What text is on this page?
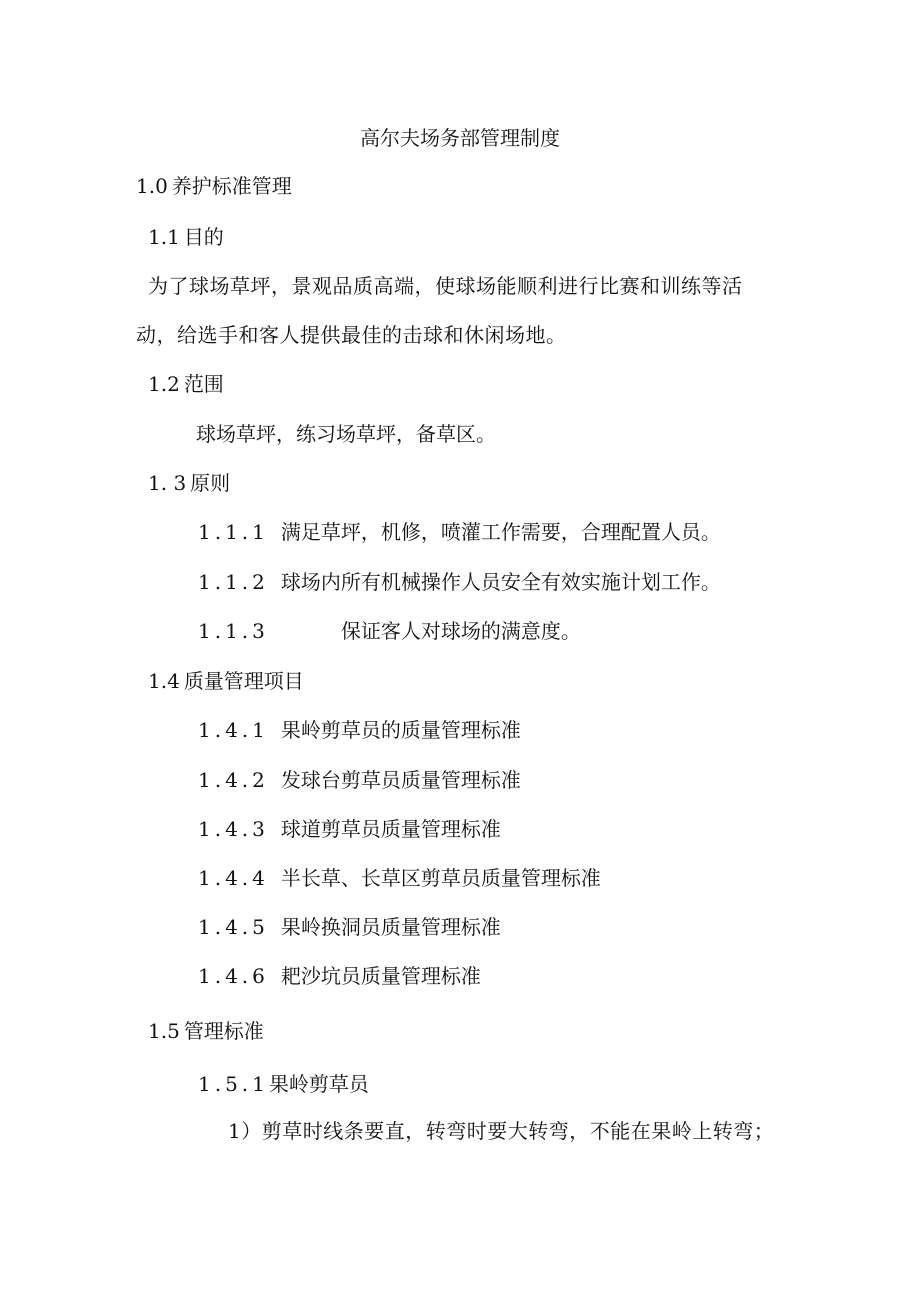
高尔夫场务部管理制度
1.0 养护标准管理
1.1 目的
为了球场草坪，景观品质高端，使球场能顺利进行比赛和训练等活
动，给选手和客人提供最佳的击球和休闲场地。
1.2 范围
球场草坪，练习场草坪，备草区。
1. 3 原则
1.1.1 满足草坪，机修，喷灌工作需要，合理配置人员。
1.1.2 球场内所有机械操作人员安全有效实施计划工作。
1.1.3	保证客人对球场的满意度。
1.4 质量管理项目
1.4.1 果岭剪草员的质量管理标准
1.4.2 发球台剪草员质量管理标准
1.4.3 球道剪草员质量管理标准
1.4.4 半长草、长草区剪草员质量管理标准
1.4.5 果岭换洞员质量管理标准
1.4.6 耙沙坑员质量管理标准
1.5 管理标准
1.5.1果岭剪草员
1）剪草时线条要直，转弯时要大转弯，不能在果岭上转弯；
